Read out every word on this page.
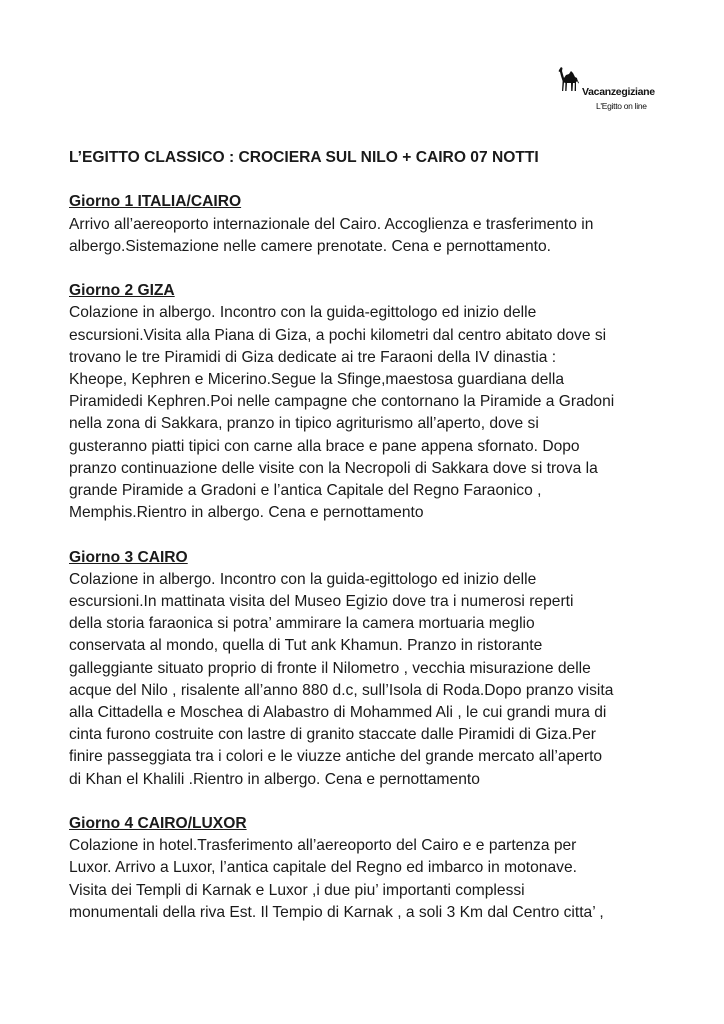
Vacanzegiziane
L'Egitto on line
L’EGITTO CLASSICO : CROCIERA SUL NILO + CAIRO 07 NOTTI
Giorno 1 ITALIA/CAIRO
Arrivo all’aereoporto internazionale del Cairo. Accoglienza e trasferimento in
albergo.Sistemazione nelle camere prenotate. Cena e pernottamento.
Giorno 2 GIZA
Colazione in albergo. Incontro con la guida-egittologo ed inizio delle
escursioni.Visita alla Piana di Giza, a pochi kilometri dal centro abitato dove si
trovano le tre Piramidi di Giza dedicate ai tre Faraoni della IV dinastia :
Kheope, Kephren e Micerino.Segue la Sfinge,maestosa guardiana della
Piramidedi Kephren.Poi nelle campagne che contornano la Piramide a Gradoni
nella zona di Sakkara, pranzo in tipico agriturismo all’aperto, dove si
gusteranno piatti tipici con carne alla brace e pane appena sfornato. Dopo
pranzo continuazione delle visite con la Necropoli di Sakkara dove si trova la
grande Piramide a Gradoni e l’antica Capitale del Regno Faraonico ,
Memphis.Rientro in albergo. Cena e pernottamento
Giorno 3 CAIRO
Colazione in albergo. Incontro con la guida-egittologo ed inizio delle
escursioni.In mattinata visita del Museo Egizio dove tra i numerosi reperti
della storia faraonica si potra’ ammirare la camera mortuaria meglio
conservata al mondo, quella di Tut ank Khamun. Pranzo in ristorante
galleggiante situato proprio di fronte il Nilometro , vecchia misurazione delle
acque del Nilo , risalente all’anno 880 d.c, sull’Isola di Roda.Dopo pranzo visita
alla Cittadella e Moschea di Alabastro di Mohammed Ali , le cui grandi mura di
cinta furono costruite con lastre di granito staccate dalle Piramidi di Giza.Per
finire passeggiata tra i colori e le viuzze antiche del grande mercato all’aperto
di Khan el Khalili .Rientro in albergo. Cena e pernottamento
Giorno 4 CAIRO/LUXOR
Colazione in hotel.Trasferimento all’aereoporto del Cairo e e partenza per
Luxor. Arrivo a Luxor, l’antica capitale del Regno ed imbarco in motonave.
Visita dei Templi di Karnak e Luxor ,i due piu’ importanti complessi
monumentali della riva Est. Il Tempio di Karnak , a soli 3 Km dal Centro citta’ ,
